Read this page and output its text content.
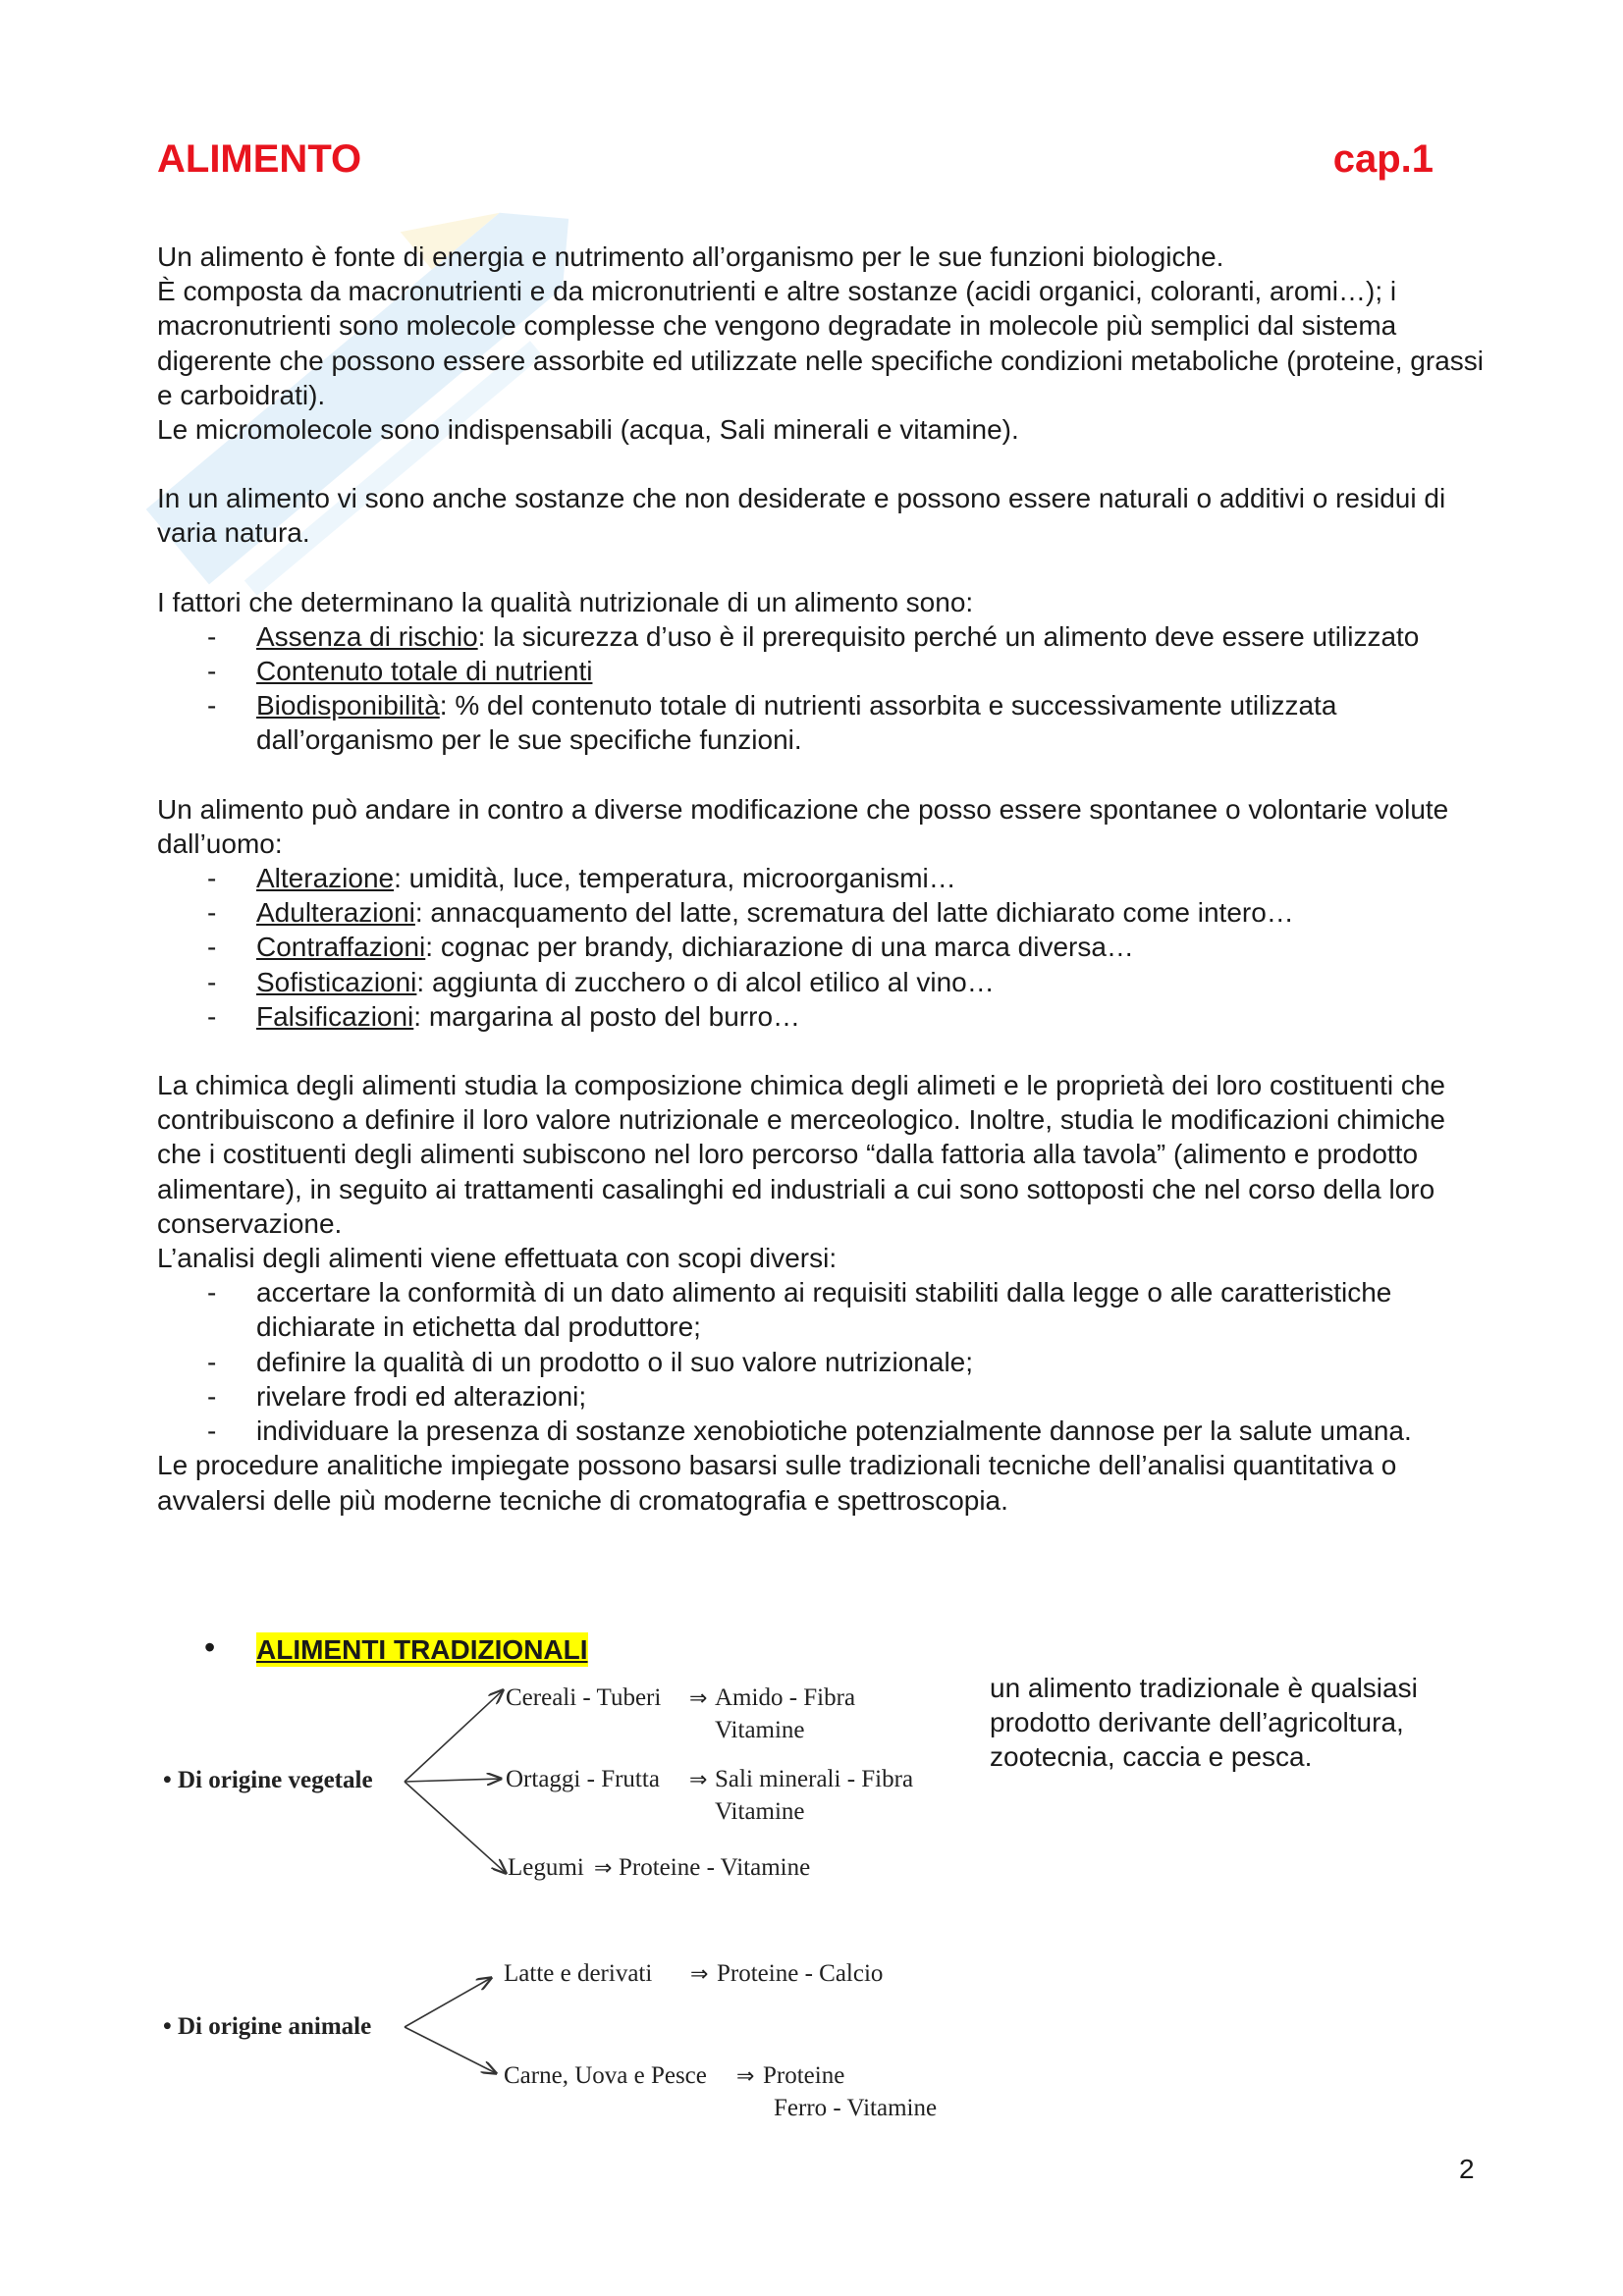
ALIMENTO	cap.1

Un alimento è fonte di energia e nutrimento all’organismo per le sue funzioni biologiche.

È composta da macronutrienti e da micronutrienti e altre sostanze (acidi organici, coloranti, aromi…); i macronutrienti sono molecole complesse che vengono degradate in molecole più semplici dal sistema digerente che possono essere assorbite ed utilizzate nelle specifiche condizioni metaboliche (proteine, grassi e carboidrati).

Le micromolecole sono indispensabili (acqua, Sali minerali e vitamine).

In un alimento vi sono anche sostanze che non desiderate e possono essere naturali o additivi o residui di varia natura.

I fattori che determinano la qualità nutrizionale di un alimento sono:

- Assenza di rischio: la sicurezza d’uso è il prerequisito perché un alimento deve essere utilizzato
- Contenuto totale di nutrienti
- Biodisponibilità: % del contenuto totale di nutrienti assorbita e successivamente utilizzata dall’organismo per le sue specifiche funzioni.

Un alimento può andare in contro a diverse modificazione che posso essere spontanee o volontarie volute dall’uomo:

- Alterazione: umidità, luce, temperatura, microorganismi…
- Adulterazioni: annacquamento del latte, scrematura del latte dichiarato come intero…
- Contraffazioni: cognac per brandy, dichiarazione di una marca diversa…
- Sofisticazioni: aggiunta di zucchero o di alcol etilico al vino…
- Falsificazioni: margarina al posto del burro…

La chimica degli alimenti studia la composizione chimica degli alimeti e le proprietà dei loro costituenti che contribuiscono a definire il loro valore nutrizionale e merceologico. Inoltre, studia le modificazioni chimiche che i costituenti degli alimenti subiscono nel loro percorso “dalla fattoria alla tavola” (alimento e prodotto alimentare), in seguito ai trattamenti casalinghi ed industriali a cui sono sottoposti che nel corso della loro conservazione.

L’analisi degli alimenti viene effettuata con scopi diversi:

- accertare la conformità di un dato alimento ai requisiti stabiliti dalla legge o alle caratteristiche dichiarate in etichetta dal produttore;
- definire la qualità di un prodotto o il suo valore nutrizionale;
- rivelare frodi ed alterazioni;
- individuare la presenza di sostanze xenobiotiche potenzialmente dannose per la salute umana.

Le procedure analitiche impiegate possono basarsi sulle tradizionali tecniche dell’analisi quantitativa o avvalersi delle più moderne tecniche di cromatografia e spettroscopia.

• ALIMENTI TRADIZIONALI
un alimento tradizionale è qualsiasi prodotto derivante dell’agricoltura, zootecnia, caccia e pesca.
• Di origine vegetale
• Di origine animale
Cereali - Tuberi ⇒ Amido - Fibra
Vitamine
Ortaggi - Frutta ⇒ Sali minerali - Fibra
Vitamine
Legumi ⇒ Proteine - Vitamine
Latte e derivati ⇒ Proteine - Calcio
Carne, Uova e Pesce ⇒ Proteine
Ferro - Vitamine
2
